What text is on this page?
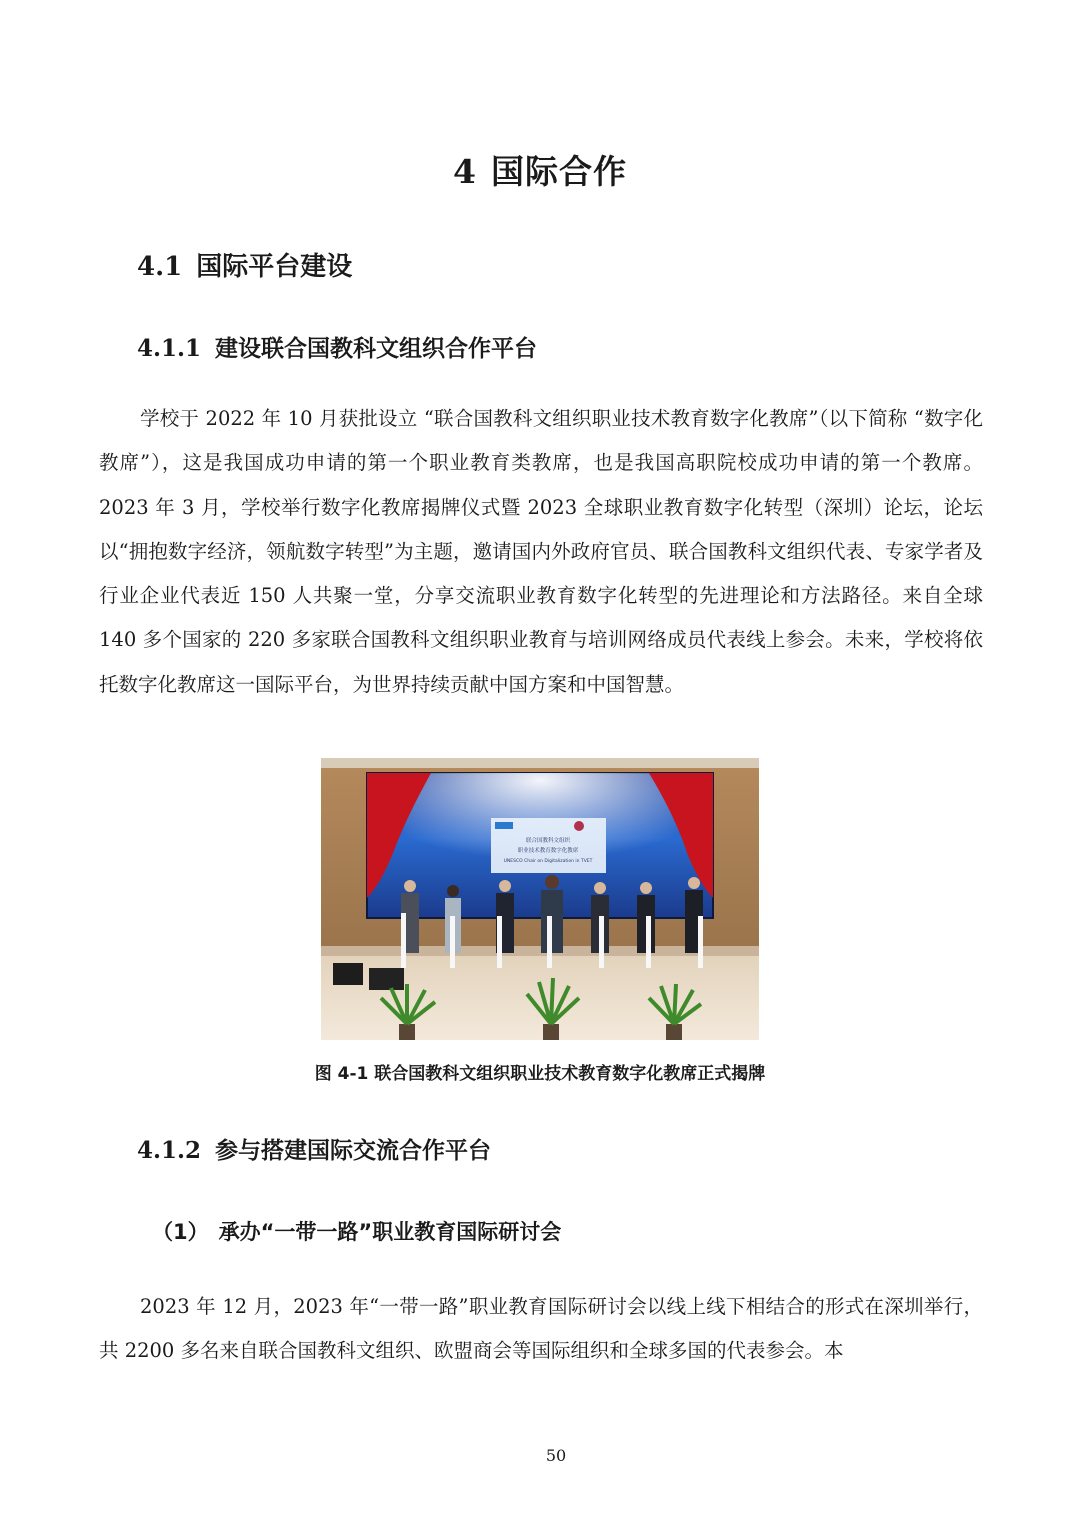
4 国际合作
4.1 国际平台建设
4.1.1 建设联合国教科文组织合作平台

学校于 2022 年 10 月获批设立 “联合国教科文组织职业技术教育数字化教席”（以下简称 “数字化教席”），这是我国成功申请的第一个职业教育类教席，也是我国高职院校成功申请的第一个教席。2023 年 3 月，学校举行数字化教席揭牌仪式暨 2023 全球职业教育数字化转型（深圳）论坛，论坛以“拥抱数字经济，领航数字转型”为主题，邀请国内外政府官员、联合国教科文组织代表、专家学者及行业企业代表近 150 人共聚一堂，分享交流职业教育数字化转型的先进理论和方法路径。来自全球 140 多个国家的 220 多家联合国教科文组织职业教育与培训网络成员代表线上参会。未来，学校将依托数字化教席这一国际平台，为世界持续贡献中国方案和中国智慧。

联合国教科文组织
职业技术教育数字化教席
UNESCO Chair on Digitalization in TVET
图 4-1 联合国教科文组织职业技术教育数字化教席正式揭牌
4.1.2 参与搭建国际交流合作平台
（1） 承办“一带一路”职业教育国际研讨会

2023 年 12 月，2023 年“一带一路”职业教育国际研讨会以线上线下相结合的形式在深圳举行，共 2200 多名来自联合国教科文组织、欧盟商会等国际组织和全球多国的代表参会。本

50
